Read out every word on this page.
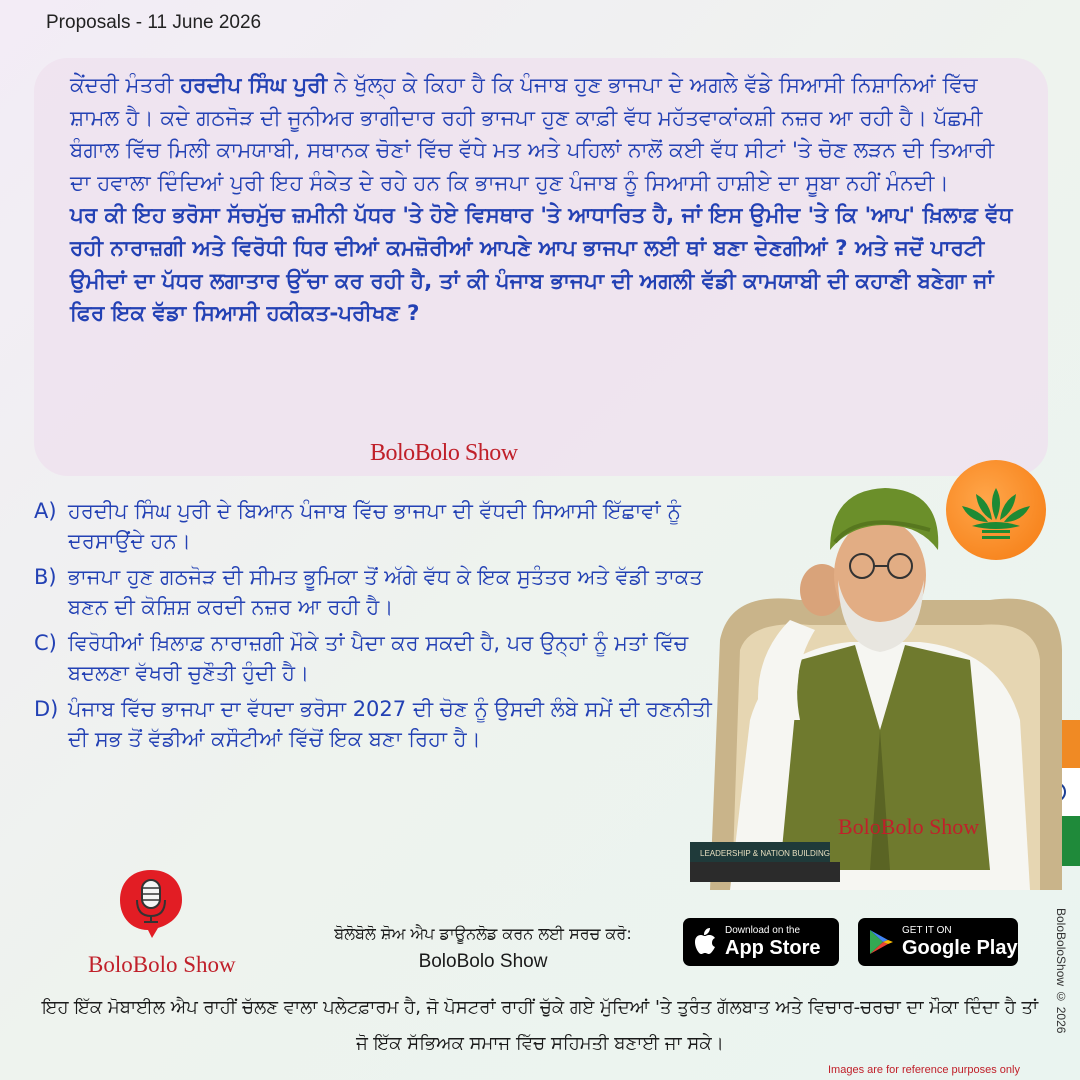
Proposals - 11 June 2026

ਕੇਂਦਰੀ ਮੰਤਰੀ ਹਰਦੀਪ ਸਿੰਘ ਪੁਰੀ ਨੇ ਖੁੱਲ੍ਹ ਕੇ ਕਿਹਾ ਹੈ ਕਿ ਪੰਜਾਬ ਹੁਣ ਭਾਜਪਾ ਦੇ ਅਗਲੇ ਵੱਡੇ ਸਿਆਸੀ ਨਿਸ਼ਾਨਿਆਂ ਵਿੱਚ ਸ਼ਾਮਲ ਹੈ। ਕਦੇ ਗਠਜੋੜ ਦੀ ਜੂਨੀਅਰ ਭਾਗੀਦਾਰ ਰਹੀ ਭਾਜਪਾ ਹੁਣ ਕਾਫ਼ੀ ਵੱਧ ਮਹੱਤਵਾਕਾਂਕਸ਼ੀ ਨਜ਼ਰ ਆ ਰਹੀ ਹੈ। ਪੱਛਮੀ ਬੰਗਾਲ ਵਿੱਚ ਮਿਲੀ ਕਾਮਯਾਬੀ, ਸਥਾਨਕ ਚੋਣਾਂ ਵਿੱਚ ਵੱਧੇ ਮਤ ਅਤੇ ਪਹਿਲਾਂ ਨਾਲੋਂ ਕਈ ਵੱਧ ਸੀਟਾਂ 'ਤੇ ਚੋਣ ਲੜਨ ਦੀ ਤਿਆਰੀ ਦਾ ਹਵਾਲਾ ਦਿੰਦਿਆਂ ਪੁਰੀ ਇਹ ਸੰਕੇਤ ਦੇ ਰਹੇ ਹਨ ਕਿ ਭਾਜਪਾ ਹੁਣ ਪੰਜਾਬ ਨੂੰ ਸਿਆਸੀ ਹਾਸ਼ੀਏ ਦਾ ਸੂਬਾ ਨਹੀਂ ਮੰਨਦੀ।

ਪਰ ਕੀ ਇਹ ਭਰੋਸਾ ਸੱਚਮੁੱਚ ਜ਼ਮੀਨੀ ਪੱਧਰ 'ਤੇ ਹੋਏ ਵਿਸਥਾਰ 'ਤੇ ਆਧਾਰਿਤ ਹੈ, ਜਾਂ ਇਸ ਉਮੀਦ 'ਤੇ ਕਿ 'ਆਪ' ਖ਼ਿਲਾਫ਼ ਵੱਧ ਰਹੀ ਨਾਰਾਜ਼ਗੀ ਅਤੇ ਵਿਰੋਧੀ ਧਿਰ ਦੀਆਂ ਕਮਜ਼ੋਰੀਆਂ ਆਪਣੇ ਆਪ ਭਾਜਪਾ ਲਈ ਥਾਂ ਬਣਾ ਦੇਣਗੀਆਂ ? ਅਤੇ ਜਦੋਂ ਪਾਰਟੀ ਉਮੀਦਾਂ ਦਾ ਪੱਧਰ ਲਗਾਤਾਰ ਉੱਚਾ ਕਰ ਰਹੀ ਹੈ, ਤਾਂ ਕੀ ਪੰਜਾਬ ਭਾਜਪਾ ਦੀ ਅਗਲੀ ਵੱਡੀ ਕਾਮਯਾਬੀ ਦੀ ਕਹਾਣੀ ਬਣੇਗਾ ਜਾਂ ਫਿਰ ਇਕ ਵੱਡਾ ਸਿਆਸੀ ਹਕੀਕਤ-ਪਰੀਖਣ ?

BoloBolo Show
A) ਹਰਦੀਪ ਸਿੰਘ ਪੁਰੀ ਦੇ ਬਿਆਨ ਪੰਜਾਬ ਵਿੱਚ ਭਾਜਪਾ ਦੀ ਵੱਧਦੀ ਸਿਆਸੀ ਇੱਛਾਵਾਂ ਨੂੰ ਦਰਸਾਉਂਦੇ ਹਨ।
B) ਭਾਜਪਾ ਹੁਣ ਗਠਜੋੜ ਦੀ ਸੀਮਤ ਭੂਮਿਕਾ ਤੋਂ ਅੱਗੇ ਵੱਧ ਕੇ ਇਕ ਸੁਤੰਤਰ ਅਤੇ ਵੱਡੀ ਤਾਕਤ ਬਣਨ ਦੀ ਕੋਸ਼ਿਸ਼ ਕਰਦੀ ਨਜ਼ਰ ਆ ਰਹੀ ਹੈ।
C) ਵਿਰੋਧੀਆਂ ਖ਼ਿਲਾਫ਼ ਨਾਰਾਜ਼ਗੀ ਮੌਕੇ ਤਾਂ ਪੈਦਾ ਕਰ ਸਕਦੀ ਹੈ, ਪਰ ਉਨ੍ਹਾਂ ਨੂੰ ਮਤਾਂ ਵਿੱਚ ਬਦਲਣਾ ਵੱਖਰੀ ਚੁਣੌਤੀ ਹੁੰਦੀ ਹੈ।
D) ਪੰਜਾਬ ਵਿੱਚ ਭਾਜਪਾ ਦਾ ਵੱਧਦਾ ਭਰੋਸਾ 2027 ਦੀ ਚੋਣ ਨੂੰ ਉਸਦੀ ਲੰਬੇ ਸਮੇਂ ਦੀ ਰਣਨੀਤੀ ਦੀ ਸਭ ਤੋਂ ਵੱਡੀਆਂ ਕਸੌਟੀਆਂ ਵਿੱਚੋਂ ਇਕ ਬਣਾ ਰਿਹਾ ਹੈ।
LEADERSHIP & NATION BUILDING
BoloBolo Show
BoloBolo Show
ਬੋਲੋਬੋਲੋ ਸ਼ੋਅ ਐਪ ਡਾਊਨਲੋਡ ਕਰਨ ਲਈ ਸਰਚ ਕਰੋ:
BoloBolo Show
Download on the
App Store
GET IT ON
Google Play
ਇਹ ਇੱਕ ਮੋਬਾਈਲ ਐਪ ਰਾਹੀਂ ਚੱਲਣ ਵਾਲਾ ਪਲੇਟਫ਼ਾਰਮ ਹੈ, ਜੋ ਪੋਸਟਰਾਂ ਰਾਹੀਂ ਚੁੱਕੇ ਗਏ ਮੁੱਦਿਆਂ 'ਤੇ ਤੁਰੰਤ ਗੱਲਬਾਤ ਅਤੇ ਵਿਚਾਰ-ਚਰਚਾ ਦਾ ਮੌਕਾ ਦਿੰਦਾ ਹੈ ਤਾਂ ਜੋ ਇੱਕ ਸੱਭਿਅਕ ਸਮਾਜ ਵਿੱਚ ਸਹਿਮਤੀ ਬਣਾਈ ਜਾ ਸਕੇ।
BoloBoloShow © 2026
Images are for reference purposes only
